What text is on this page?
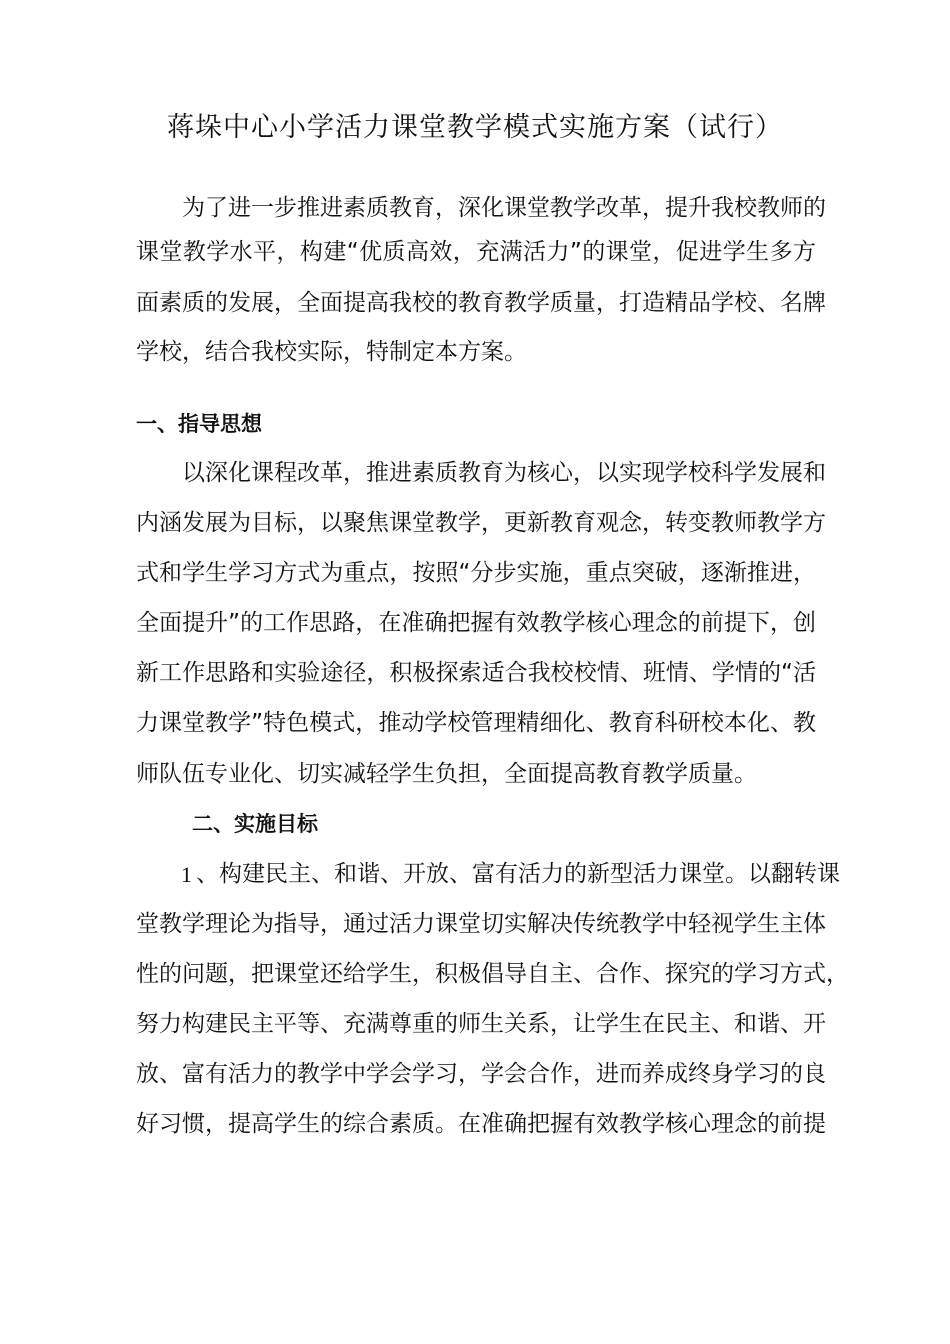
蒋垛中心小学活力课堂教学模式实施方案（试行）
为了进一步推进素质教育，深化课堂教学改革，提升我校教师的
课堂教学水平，构建“优质高效，充满活力”的课堂，促进学生多方
面素质的发展，全面提高我校的教育教学质量，打造精品学校、名牌
学校，结合我校实际，特制定本方案。
一、指导思想
以深化课程改革，推进素质教育为核心，以实现学校科学发展和
内涵发展为目标，以聚焦课堂教学，更新教育观念，转变教师教学方
式和学生学习方式为重点，按照“分步实施，重点突破，逐渐推进，
全面提升”的工作思路，在准确把握有效教学核心理念的前提下，创
新工作思路和实验途径，积极探索适合我校校情、班情、学情的“活
力课堂教学”特色模式，推动学校管理精细化、教育科研校本化、教
师队伍专业化、切实减轻学生负担，全面提高教育教学质量。
二、实施目标
1 、构建民主、和谐、开放、富有活力的新型活力课堂。以翻转课
堂教学理论为指导，通过活力课堂切实解决传统教学中轻视学生主体
性的问题，把课堂还给学生，积极倡导自主、合作、探究的学习方式，
努力构建民主平等、充满尊重的师生关系，让学生在民主、和谐、开
放、富有活力的教学中学会学习，学会合作，进而养成终身学习的良
好习惯，提高学生的综合素质。在准确把握有效教学核心理念的前提
